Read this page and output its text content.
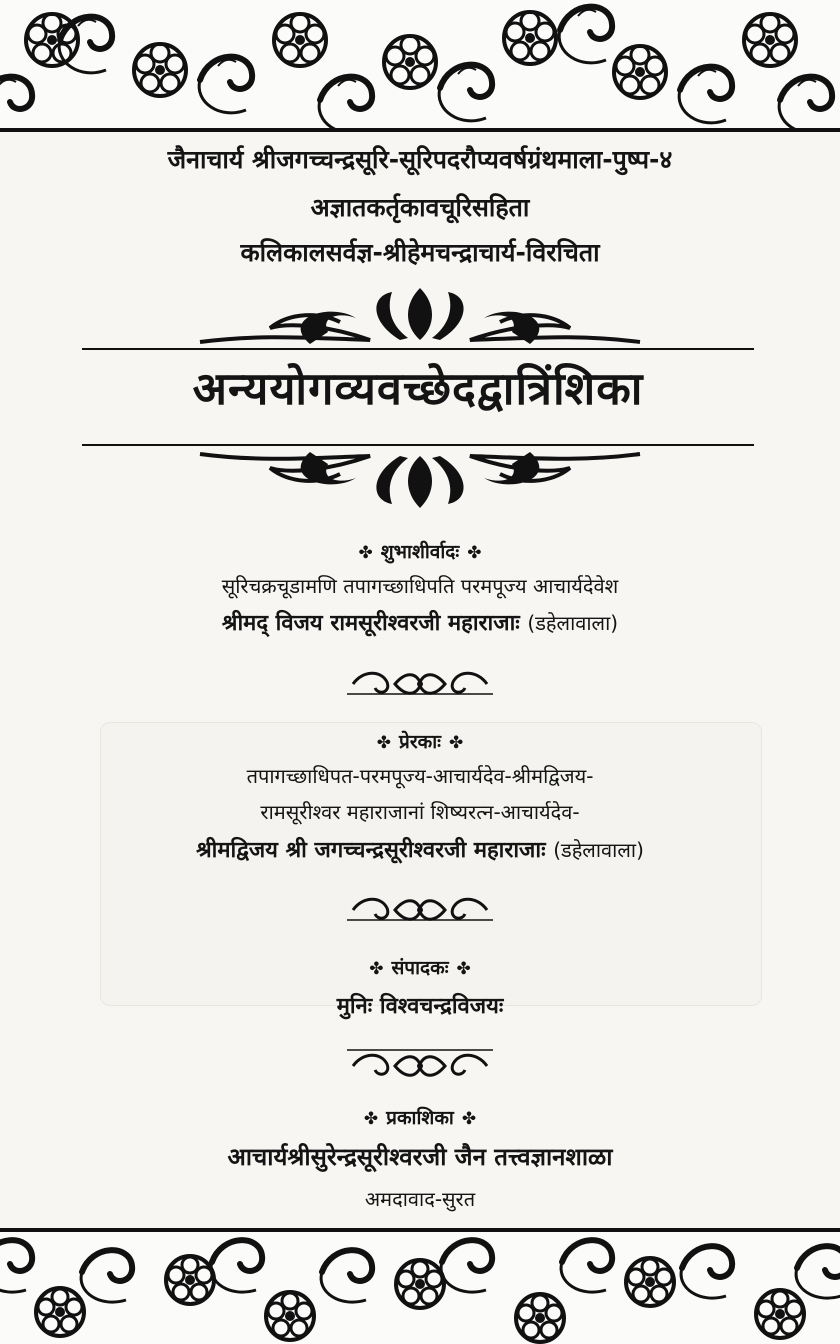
जैनाचार्य श्रीजगच्चन्द्रसूरि-सूरिपदरौप्यवर्षग्रंथमाला-पुष्प-४
अज्ञातकर्तृकावचूरिसहिता
कलिकालसर्वज्ञ-श्रीहेमचन्द्राचार्य-विरचिता
अन्ययोगव्यवच्छेदद्वात्रिंशिका
✤ शुभाशीर्वादः ✤
सूरिचक्रचूडामणि तपागच्छाधिपति परमपूज्य आचार्यदेवेश
श्रीमद् विजय रामसूरीश्वरजी महाराजाः (डहेलावाला)
✤ प्रेरकाः ✤
तपागच्छाधिपत-परमपूज्य-आचार्यदेव-श्रीमद्विजय-
रामसूरीश्वर महाराजानां शिष्यरत्न-आचार्यदेव-
श्रीमद्विजय श्री जगच्चन्द्रसूरीश्वरजी महाराजाः (डहेलावाला)
✤ संपादकः ✤
मुनिः विश्वचन्द्रविजयः
✤ प्रकाशिका ✤
आचार्यश्रीसुरेन्द्रसूरीश्वरजी जैन तत्त्वज्ञानशाळा
अमदावाद-सुरत
